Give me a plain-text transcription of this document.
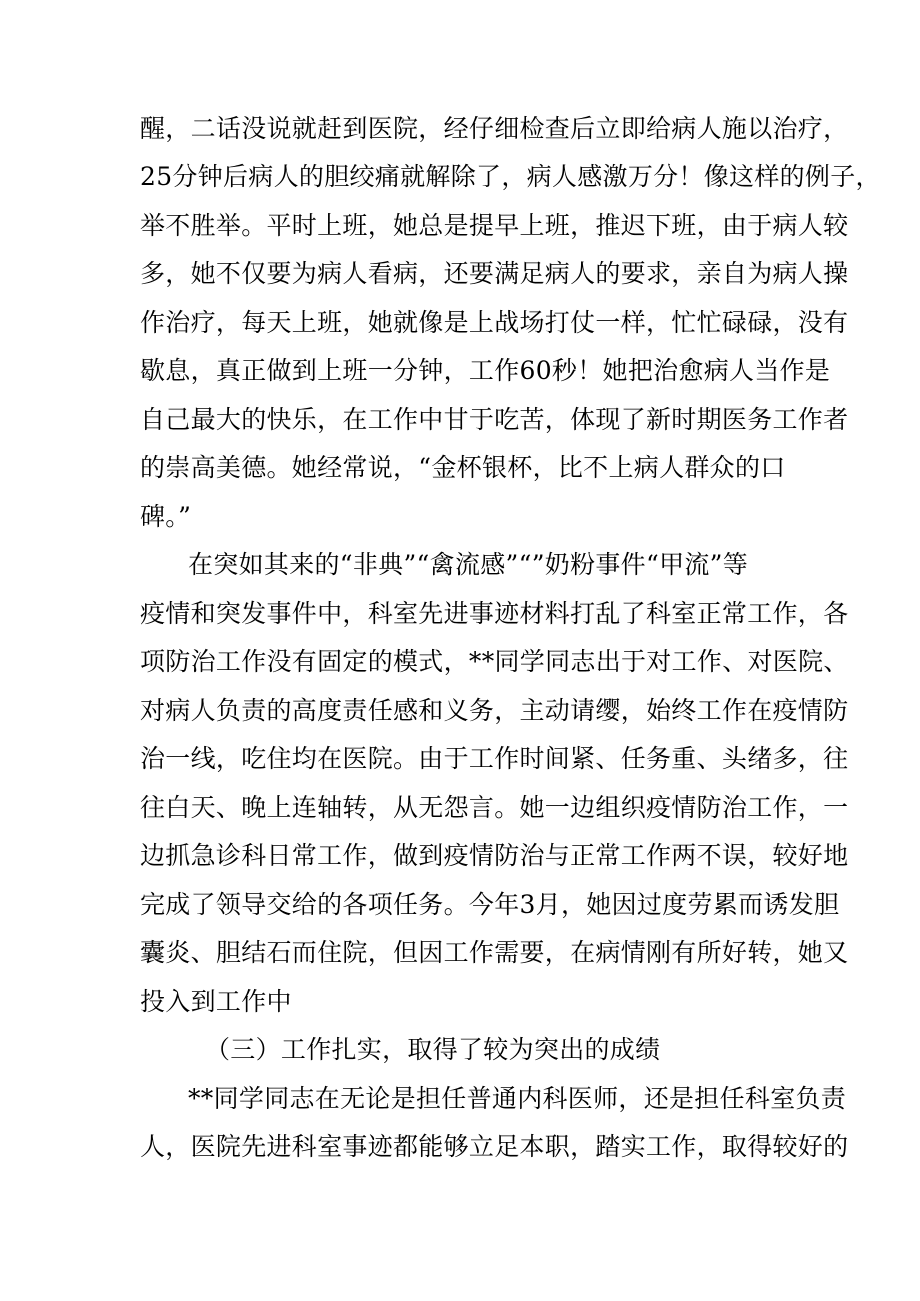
醒，二话没说就赶到医院，经仔细检查后立即给病人施以治疗，
25分钟后病人的胆绞痛就解除了，病人感激万分！像这样的例子，
举不胜举。平时上班，她总是提早上班，推迟下班，由于病人较
多，她不仅要为病人看病，还要满足病人的要求，亲自为病人操
作治疗，每天上班，她就像是上战场打仗一样，忙忙碌碌，没有
歇息，真正做到上班一分钟，工作60秒！她把治愈病人当作是
自己最大的快乐，在工作中甘于吃苦，体现了新时期医务工作者
的崇高美德。她经常说，“金杯银杯，比不上病人群众的口
碑。”
在突如其来的“非典”“禽流感”“”奶粉事件“甲流”等
疫情和突发事件中，科室先进事迹材料打乱了科室正常工作，各
项防治工作没有固定的模式，**同学同志出于对工作、对医院、
对病人负责的高度责任感和义务，主动请缨，始终工作在疫情防
治一线，吃住均在医院。由于工作时间紧、任务重、头绪多，往
往白天、晚上连轴转，从无怨言。她一边组织疫情防治工作，一
边抓急诊科日常工作，做到疫情防治与正常工作两不误，较好地
完成了领导交给的各项任务。今年3月，她因过度劳累而诱发胆
囊炎、胆结石而住院，但因工作需要，在病情刚有所好转，她又
投入到工作中
（三）工作扎实，取得了较为突出的成绩
**同学同志在无论是担任普通内科医师，还是担任科室负责
人，医院先进科室事迹都能够立足本职，踏实工作，取得较好的
